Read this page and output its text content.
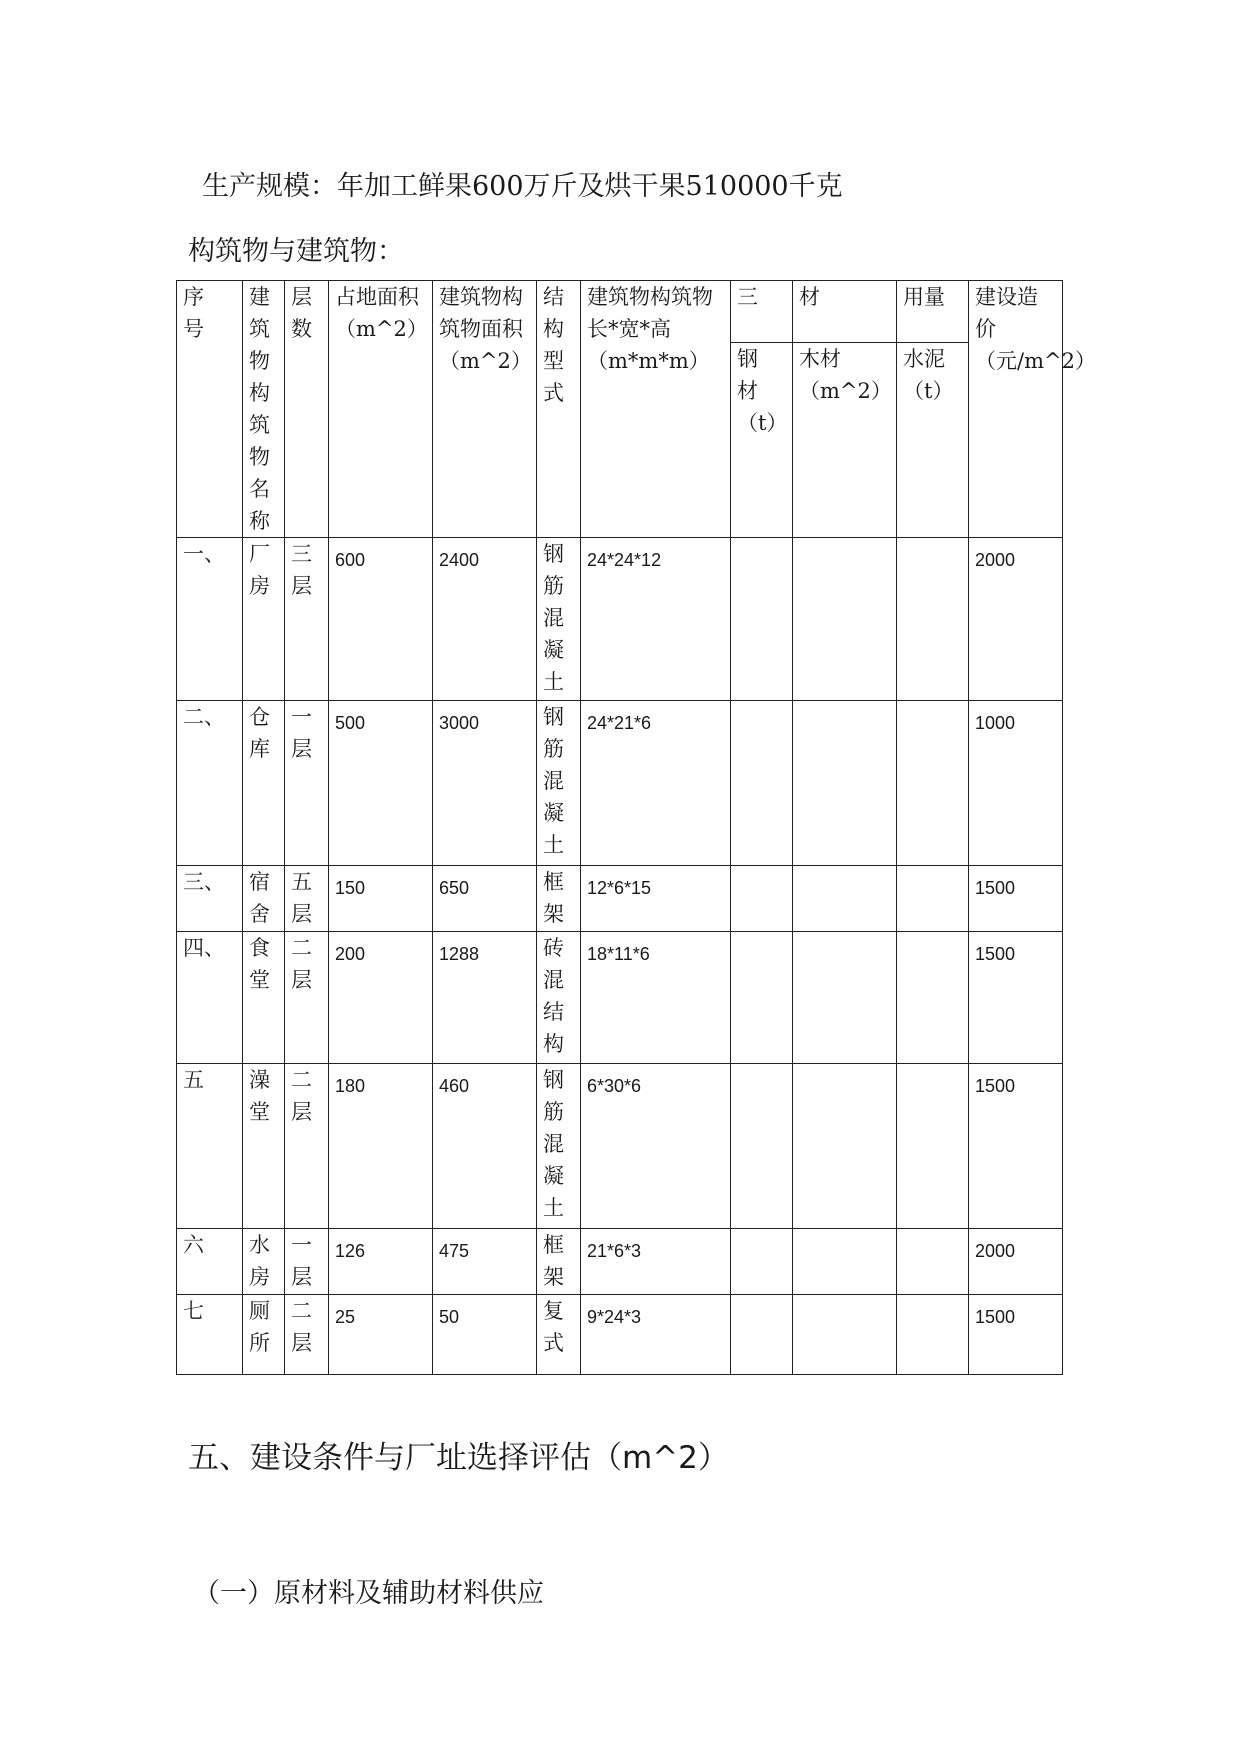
生产规模：年加工鲜果600万斤及烘干果510000千克
构筑物与建筑物：
序号	建筑物构筑物名称	层数	占地面积（m^2）	建筑物构筑物面积（m^2）	结构型式	建筑物构筑物长*宽*高（m*m*m）	三	材	用量	建设造价（元/m^2）

							钢材（t）	木材（m^2）	水泥（t）	
一、	厂房	三层	600	2400	钢筋混凝土	24*24*12				2000
二、	仓库	一层	500	3000	钢筋混凝土	24*21*6				1000
三、	宿舍	五层	150	650	框架	12*6*15				1500
四、	食堂	二层	200	1288	砖混结构	18*11*6				1500
五	澡堂	二层	180	460	钢筋混凝土	6*30*6				1500
六	水房	一层	126	475	框架	21*6*3				2000
七	厕所	二层	25	50	复式	9*24*3				1500
五、建设条件与厂址选择评估（m^2）
（一）原材料及辅助材料供应
